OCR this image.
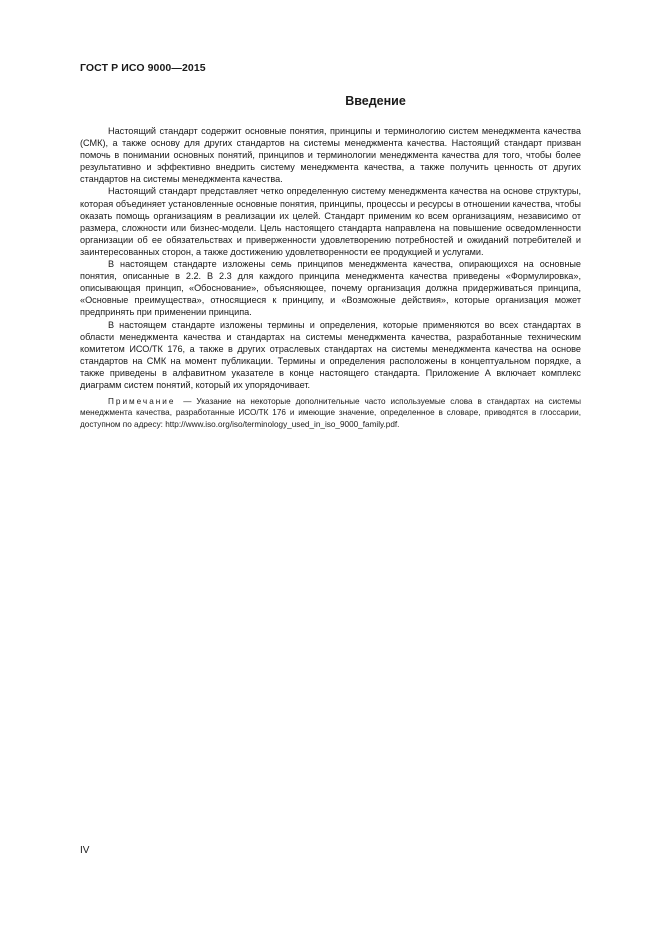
ГОСТ Р ИСО 9000—2015
Введение

Настоящий стандарт содержит основные понятия, принципы и терминологию систем менеджмента качества (СМК), а также основу для других стандартов на системы менеджмента качества. Настоящий стандарт призван помочь в понимании основных понятий, принципов и терминологии менеджмента качества для того, чтобы более результативно и эффективно внедрить систему менеджмента качества, а также получить ценность от других стандартов на системы менеджмента качества.

Настоящий стандарт представляет четко определенную систему менеджмента качества на основе структуры, которая объединяет установленные основные понятия, принципы, процессы и ресурсы в отношении качества, чтобы оказать помощь организациям в реализации их целей. Стандарт применим ко всем организациям, независимо от размера, сложности или бизнес-модели. Цель настоящего стандарта направлена на повышение осведомленности организации об ее обязательствах и приверженности удовлетворению потребностей и ожиданий потребителей и заинтересованных сторон, а также достижению удовлетворенности ее продукцией и услугами.

В настоящем стандарте изложены семь принципов менеджмента качества, опирающихся на основные понятия, описанные в 2.2. В 2.3 для каждого принципа менеджмента качества приведены «Формулировка», описывающая принцип, «Обоснование», объясняющее, почему организация должна придерживаться принципа, «Основные преимущества», относящиеся к принципу, и «Возможные действия», которые организация может предпринять при применении принципа.

В настоящем стандарте изложены термины и определения, которые применяются во всех стандартах в области менеджмента качества и стандартах на системы менеджмента качества, разработанные техническим комитетом ИСО/ТК 176, а также в других отраслевых стандартах на системы менеджмента качества на основе стандартов на СМК на момент публикации. Термины и определения расположены в концептуальном порядке, а также приведены в алфавитном указателе в конце настоящего стандарта. Приложение А включает комплекс диаграмм систем понятий, который их упорядочивает.

Примечание — Указание на некоторые дополнительные часто используемые слова в стандартах на системы менеджмента качества, разработанные ИСО/ТК 176 и имеющие значение, определенное в словаре, приводятся в глоссарии, доступном по адресу: http://www.iso.org/iso/terminology_used_in_iso_9000_family.pdf.

IV
